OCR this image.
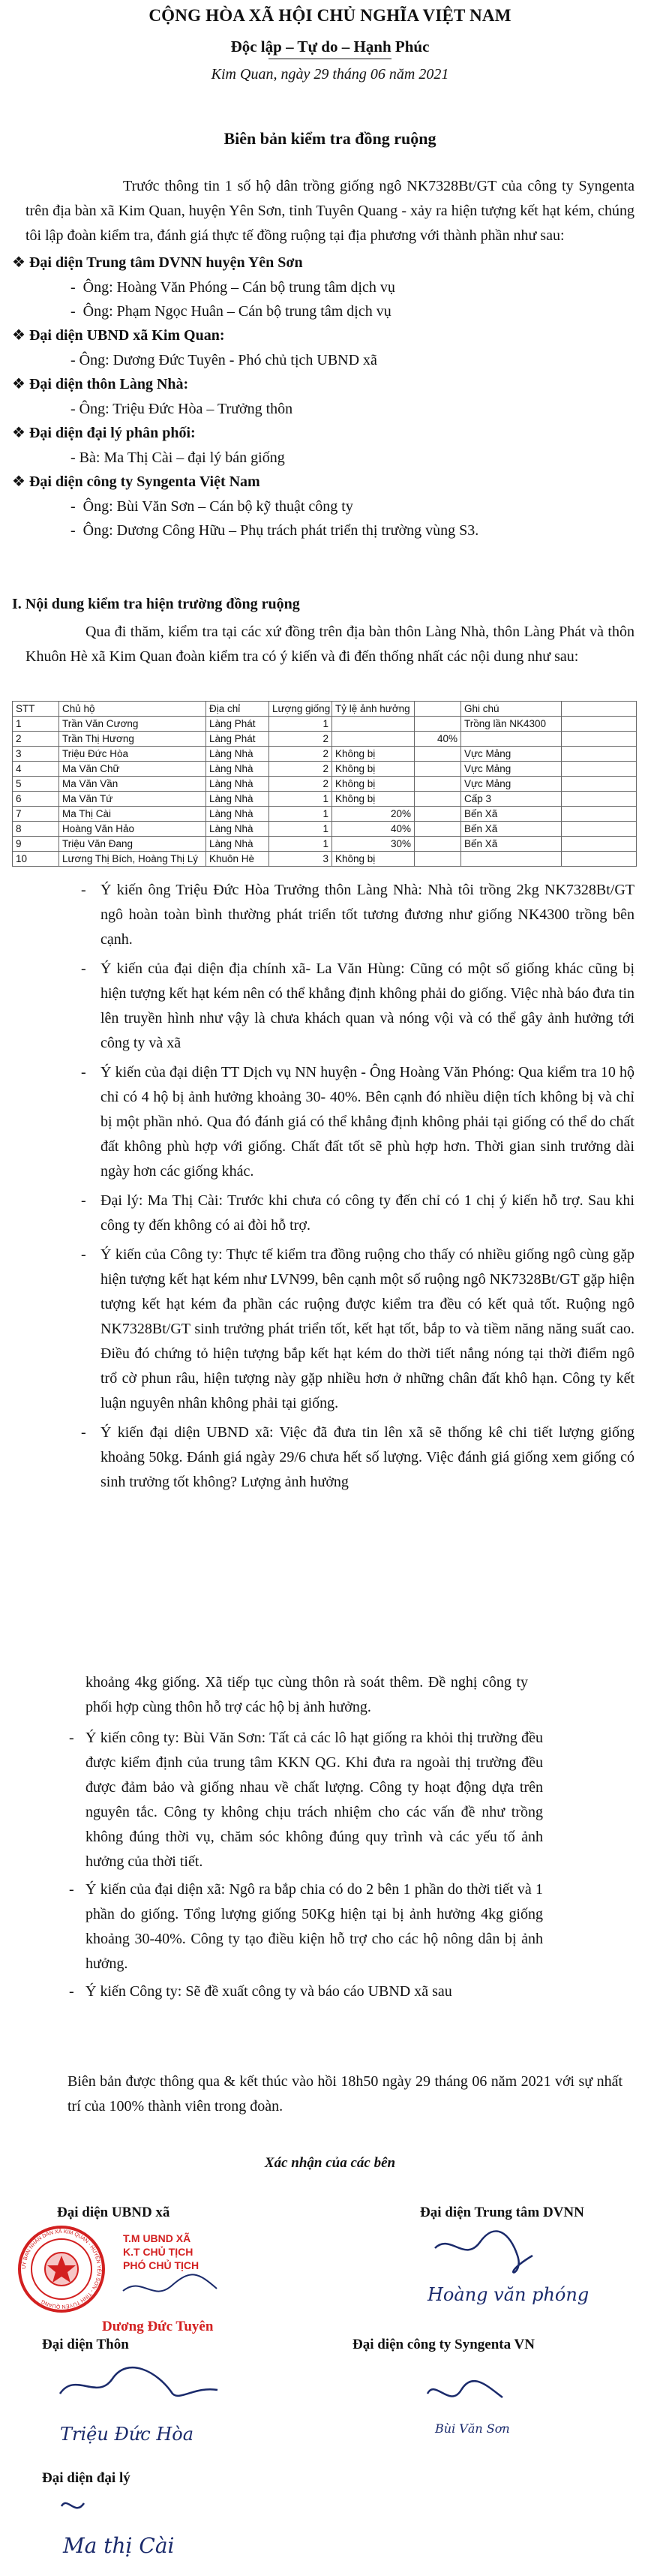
CỘNG HÒA XÃ HỘI CHỦ NGHĨA VIỆT NAM
Độc lập – Tự do – Hạnh Phúc
Kim Quan, ngày 29 tháng 06 năm 2021
Biên bản kiểm tra đồng ruộng
Trước thông tin 1 số hộ dân trồng giống ngô NK7328Bt/GT của công ty Syngenta trên địa bàn xã Kim Quan, huyện Yên Sơn, tỉnh Tuyên Quang - xảy ra hiện tượng kết hạt kém, chúng tôi lập đoàn kiểm tra, đánh giá thực tế đồng ruộng tại địa phương với thành phần như sau:
❖ Đại diện Trung tâm DVNN huyện Yên Sơn
-  Ông: Hoàng Văn Phóng – Cán bộ trung tâm dịch vụ
-  Ông: Phạm Ngọc Huân – Cán bộ trung tâm dịch vụ
❖ Đại diện UBND xã Kim Quan:
- Ông: Dương Đức Tuyên - Phó chủ tịch UBND xã
❖ Đại diện thôn Làng Nhà:
- Ông: Triệu Đức Hòa – Trưởng thôn
❖ Đại diện đại lý phân phối:
- Bà: Ma Thị Cài – đại lý bán giống
❖ Đại diện công ty Syngenta Việt Nam
-  Ông: Bùi Văn Sơn – Cán bộ kỹ thuật công ty
-  Ông: Dương Công Hữu – Phụ trách phát triển thị trường vùng S3.
I. Nội dung kiểm tra hiện trường đồng ruộng
Qua đi thăm, kiểm tra tại các xứ đồng trên địa bàn thôn Làng Nhà, thôn Làng Phát và thôn Khuôn Hè xã Kim Quan đoàn kiểm tra có ý kiến và đi đến thống nhất các nội dung như sau:
STT	Chủ hộ	Địa chỉ	Lượng giống	Tỷ lệ ảnh hưởng		Ghi chú	
1	Trần Văn Cương	Làng Phát	1			Trồng lần NK4300	
2	Trần Thị Hương	Làng Phát	2		40%		
3	Triệu Đức Hòa	Làng Nhà	2	Không bị		Vực Mảng	
4	Ma Văn Chữ	Làng Nhà	2	Không bị		Vực Mảng	
5	Ma Văn Vần	Làng Nhà	2	Không bị		Vực Mảng	
6	Ma Văn Tứ	Làng Nhà	1	Không bị		Cấp 3	
7	Ma Thị Cài	Làng Nhà	1	20%		Bến Xã	
8	Hoàng Văn Hảo	Làng Nhà	1	40%		Bến Xã	
9	Triệu Văn Đang	Làng Nhà	1	30%		Bến Xã	
10	Lương Thị Bích, Hoàng Thị Lý	Khuôn Hè	3	Không bị			
- Ý kiến ông Triệu Đức Hòa Trưởng thôn Làng Nhà: Nhà tôi trồng 2kg NK7328Bt/GT ngô hoàn toàn bình thường phát triển tốt tương đương như giống NK4300 trồng bên cạnh.
- Ý kiến của đại diện địa chính xã- La Văn Hùng: Cũng có một số giống khác cũng bị hiện tượng kết hạt kém nên có thể khẳng định không phải do giống. Việc nhà báo đưa tin lên truyền hình như vậy là chưa khách quan và nóng vội và có thể gây ảnh hưởng tới công ty và xã
- Ý kiến của đại diện TT Dịch vụ NN huyện - Ông Hoàng Văn Phóng: Qua kiểm tra 10 hộ chỉ có 4 hộ bị ảnh hưởng khoảng 30- 40%. Bên cạnh đó nhiều diện tích không bị và chỉ bị một phần nhỏ. Qua đó đánh giá có thể khẳng định không phải tại giống có thể do chất đất không phù hợp với giống. Chất đất tốt sẽ phù hợp hơn. Thời gian sinh trưởng dài ngày hơn các giống khác.
- Đại lý: Ma Thị Cài: Trước khi chưa có công ty đến chỉ có 1 chị ý kiến hỗ trợ. Sau khi công ty đến không có ai đòi hỗ trợ.
- Ý kiến của Công ty: Thực tế kiểm tra đồng ruộng cho thấy có nhiều giống ngô cùng gặp hiện tượng kết hạt kém như LVN99, bên cạnh một số ruộng ngô NK7328Bt/GT gặp hiện tượng kết hạt kém đa phần các ruộng được kiểm tra đều có kết quả tốt. Ruộng ngô NK7328Bt/GT sinh trưởng phát triển tốt, kết hạt tốt, bắp to và tiềm năng năng suất cao. Điều đó chứng tỏ hiện tượng bắp kết hạt kém do thời tiết nắng nóng tại thời điểm ngô trổ cờ phun râu, hiện tượng này gặp nhiều hơn ở những chân đất khô hạn. Công ty kết luận nguyên nhân không phải tại giống.
- Ý kiến đại diện UBND xã: Việc đã đưa tin lên xã sẽ thống kê chi tiết lượng giống khoảng 50kg. Đánh giá ngày 29/6 chưa hết số lượng. Việc đánh giá giống xem giống có sinh trưởng tốt không? Lượng ảnh hưởng
khoảng 4kg giống. Xã tiếp tục cùng thôn rà soát thêm. Đề nghị công ty phối hợp cùng thôn hỗ trợ các hộ bị ảnh hưởng.
- Ý kiến công ty: Bùi Văn Sơn: Tất cả các lô hạt giống ra khỏi thị trường đều được kiểm định của trung tâm KKN QG. Khi đưa ra ngoài thị trường đều được đảm bảo và giống nhau về chất lượng. Công ty hoạt động dựa trên nguyên tắc. Công ty không chịu trách nhiệm cho các vấn đề như trồng không đúng thời vụ, chăm sóc không đúng quy trình và các yếu tố ảnh hưởng của thời tiết.
- Ý kiến của đại diện xã: Ngô ra bắp chia có do 2 bên 1 phần do thời tiết và 1 phần do giống. Tổng lượng giống 50Kg hiện tại bị ảnh hưởng 4kg giống khoảng 30-40%. Công ty tạo điều kiện hỗ trợ cho các hộ nông dân bị ảnh hưởng.
- Ý kiến Công ty: Sẽ đề xuất công ty và báo cáo UBND xã sau
Biên bản được thông qua & kết thúc vào hồi 18h50 ngày 29 tháng 06 năm 2021 với sự nhất trí của 100% thành viên trong đoàn.
Xác nhận của các bên
Đại diện UBND xã	Đại diện Trung tâm DVNN
UỶ BAN NHÂN DÂN XÃ KIM QUAN - HUYỆN YÊN SƠN - TỈNH TUYÊN QUANG
T.M UBND XÃ
K.T CHỦ TỊCH
PHÓ CHỦ TỊCH
Dương Đức Tuyên
Hoàng văn phóng
Đại diện Thôn	Đại diện công ty Syngenta VN
Triệu Đức Hòa	Bùi Văn Sơn
Đại diện đại lý
Ma thị Cài
